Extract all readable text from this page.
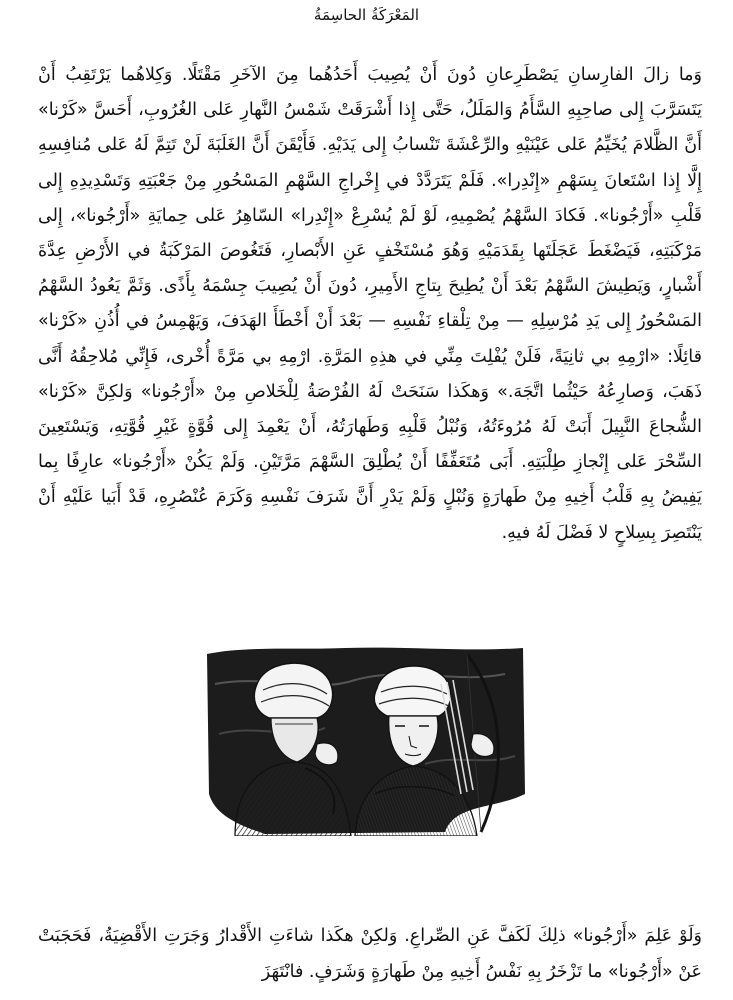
المَعْرَكَةُ الحاسِمَةُ

وَما زالَ الفارِسانِ يَصْطَرِعانِ دُونَ أَنْ يُصِيبَ أَحَدُهُما مِنَ الآخَرِ مَقْتَلًا. وَكِلاهُما يَرْتَقِبُ أَنْ يَتَسَرَّبَ إِلى صاحِبِهِ السَّأَمُ وَالمَلَلُ، حَتَّى إِذا أَشْرَقَتْ شَمْسُ النَّهارِ عَلى الغُرُوبِ، أَحَسَّ «كَرْنا» أَنَّ الظَّلامَ يُخَيِّمُ عَلى عَيْنَيْهِ والرِّعْشَةَ تَنْسابُ إِلى يَدَيْهِ. فَأَيْقَنَ أَنَّ الغَلَبَةَ لَنْ تَتِمَّ لَهُ عَلى مُنافِسِهِ إِلَّا إِذا اسْتَعانَ بِسَهْمِ «إِنْدِرا». فَلَمْ يَتَرَدَّدْ في إِخْراجِ السَّهْمِ المَسْحُورِ مِنْ جَعْبَتِهِ وَتَسْدِيدِهِ إِلى قَلْبِ «أَرْجُونا». فَكادَ السَّهْمُ يُصْمِيهِ، لَوْ لَمْ يُسْرِعْ «إِنْدِرا» السّاهِرُ عَلى حِمايَةِ «أَرْجُونا»، إِلى مَرْكَبَتِهِ، فَيَضْغَطَ عَجَلَتَها بِقَدَمَيْهِ وَهُوَ مُسْتَخْفٍ عَنِ الأَبْصارِ، فَتَغُوصَ المَرْكَبَةُ في الأَرْضِ عِدَّةَ أَشْبارٍ، وَيَطِيشَ السَّهْمُ بَعْدَ أَنْ يُطِيحَ بِتاجِ الأَمِيرِ، دُونَ أَنْ يُصِيبَ جِسْمَهُ بِأَذًى. وَثَمَّ يَعُودُ السَّهْمُ المَسْحُورُ إِلى يَدِ مُرْسِلِهِ — مِنْ تِلْقاءِ نَفْسِهِ — بَعْدَ أَنْ أَخْطَأَ الهَدَفَ، وَيَهْمِسُ في أُذُنِ «كَرْنا» قائِلًا: «ارْمِهِ بي ثانِيَةً، فَلَنْ يُفْلِتَ مِنِّي في هذِهِ المَرَّةِ. ارْمِهِ بي مَرَّةً أُخْرى، فَإِنِّي مُلاحِقُهُ أَنَّى ذَهَبَ، وَصارِعُهُ حَيْثُما اتَّجَهَ.» وَهكَذا سَنَحَتْ لَهُ الفُرْصَةُ لِلْخَلاصِ مِنْ «أَرْجُونا» وَلكِنَّ «كَرْنا» الشُّجاعَ النَّبِيلَ أَبَتْ لَهُ مُرُوءَتُهُ، وَنُبْلُ قَلْبِهِ وَطَهارَتُهُ، أَنْ يَعْمِدَ إِلى قُوَّةٍ غَيْرِ قُوَّتِهِ، وَيَسْتَعِينَ السِّحْرَ عَلى إِنْجازِ طِلْبَتِهِ. أَبَى مُتَعَفِّفًا أَنْ يُطْلِقَ السَّهْمَ مَرَّتَيْنِ. وَلَمْ يَكُنْ «أَرْجُونا» عارِفًا بِما يَفِيضُ بِهِ قَلْبُ أَخِيهِ مِنْ طَهارَةٍ وَنُبْلٍ وَلَمْ يَدْرِ أَنَّ شَرَفَ نَفْسِهِ وَكَرَمَ عُنْصُرِهِ، قَدْ أَبَيا عَلَيْهِ أَنْ يَنْتَصِرَ بِسِلاحٍ لا فَضْلَ لَهُ فيهِ.

وَلَوْ عَلِمَ «أَرْجُونا» ذلِكَ لَكَفَّ عَنِ الصِّراعِ. وَلكِنْ هكَذا شاءَتِ الأَقْدارُ وَجَرَتِ الأَقْضِيَةُ، فَحَجَبَتْ عَنْ «أَرْجُونا» ما تَزْخَرُ بِهِ نَفْسُ أَخِيهِ مِنْ طَهارَةٍ وَشَرَفٍ. فانْتَهَزَ
